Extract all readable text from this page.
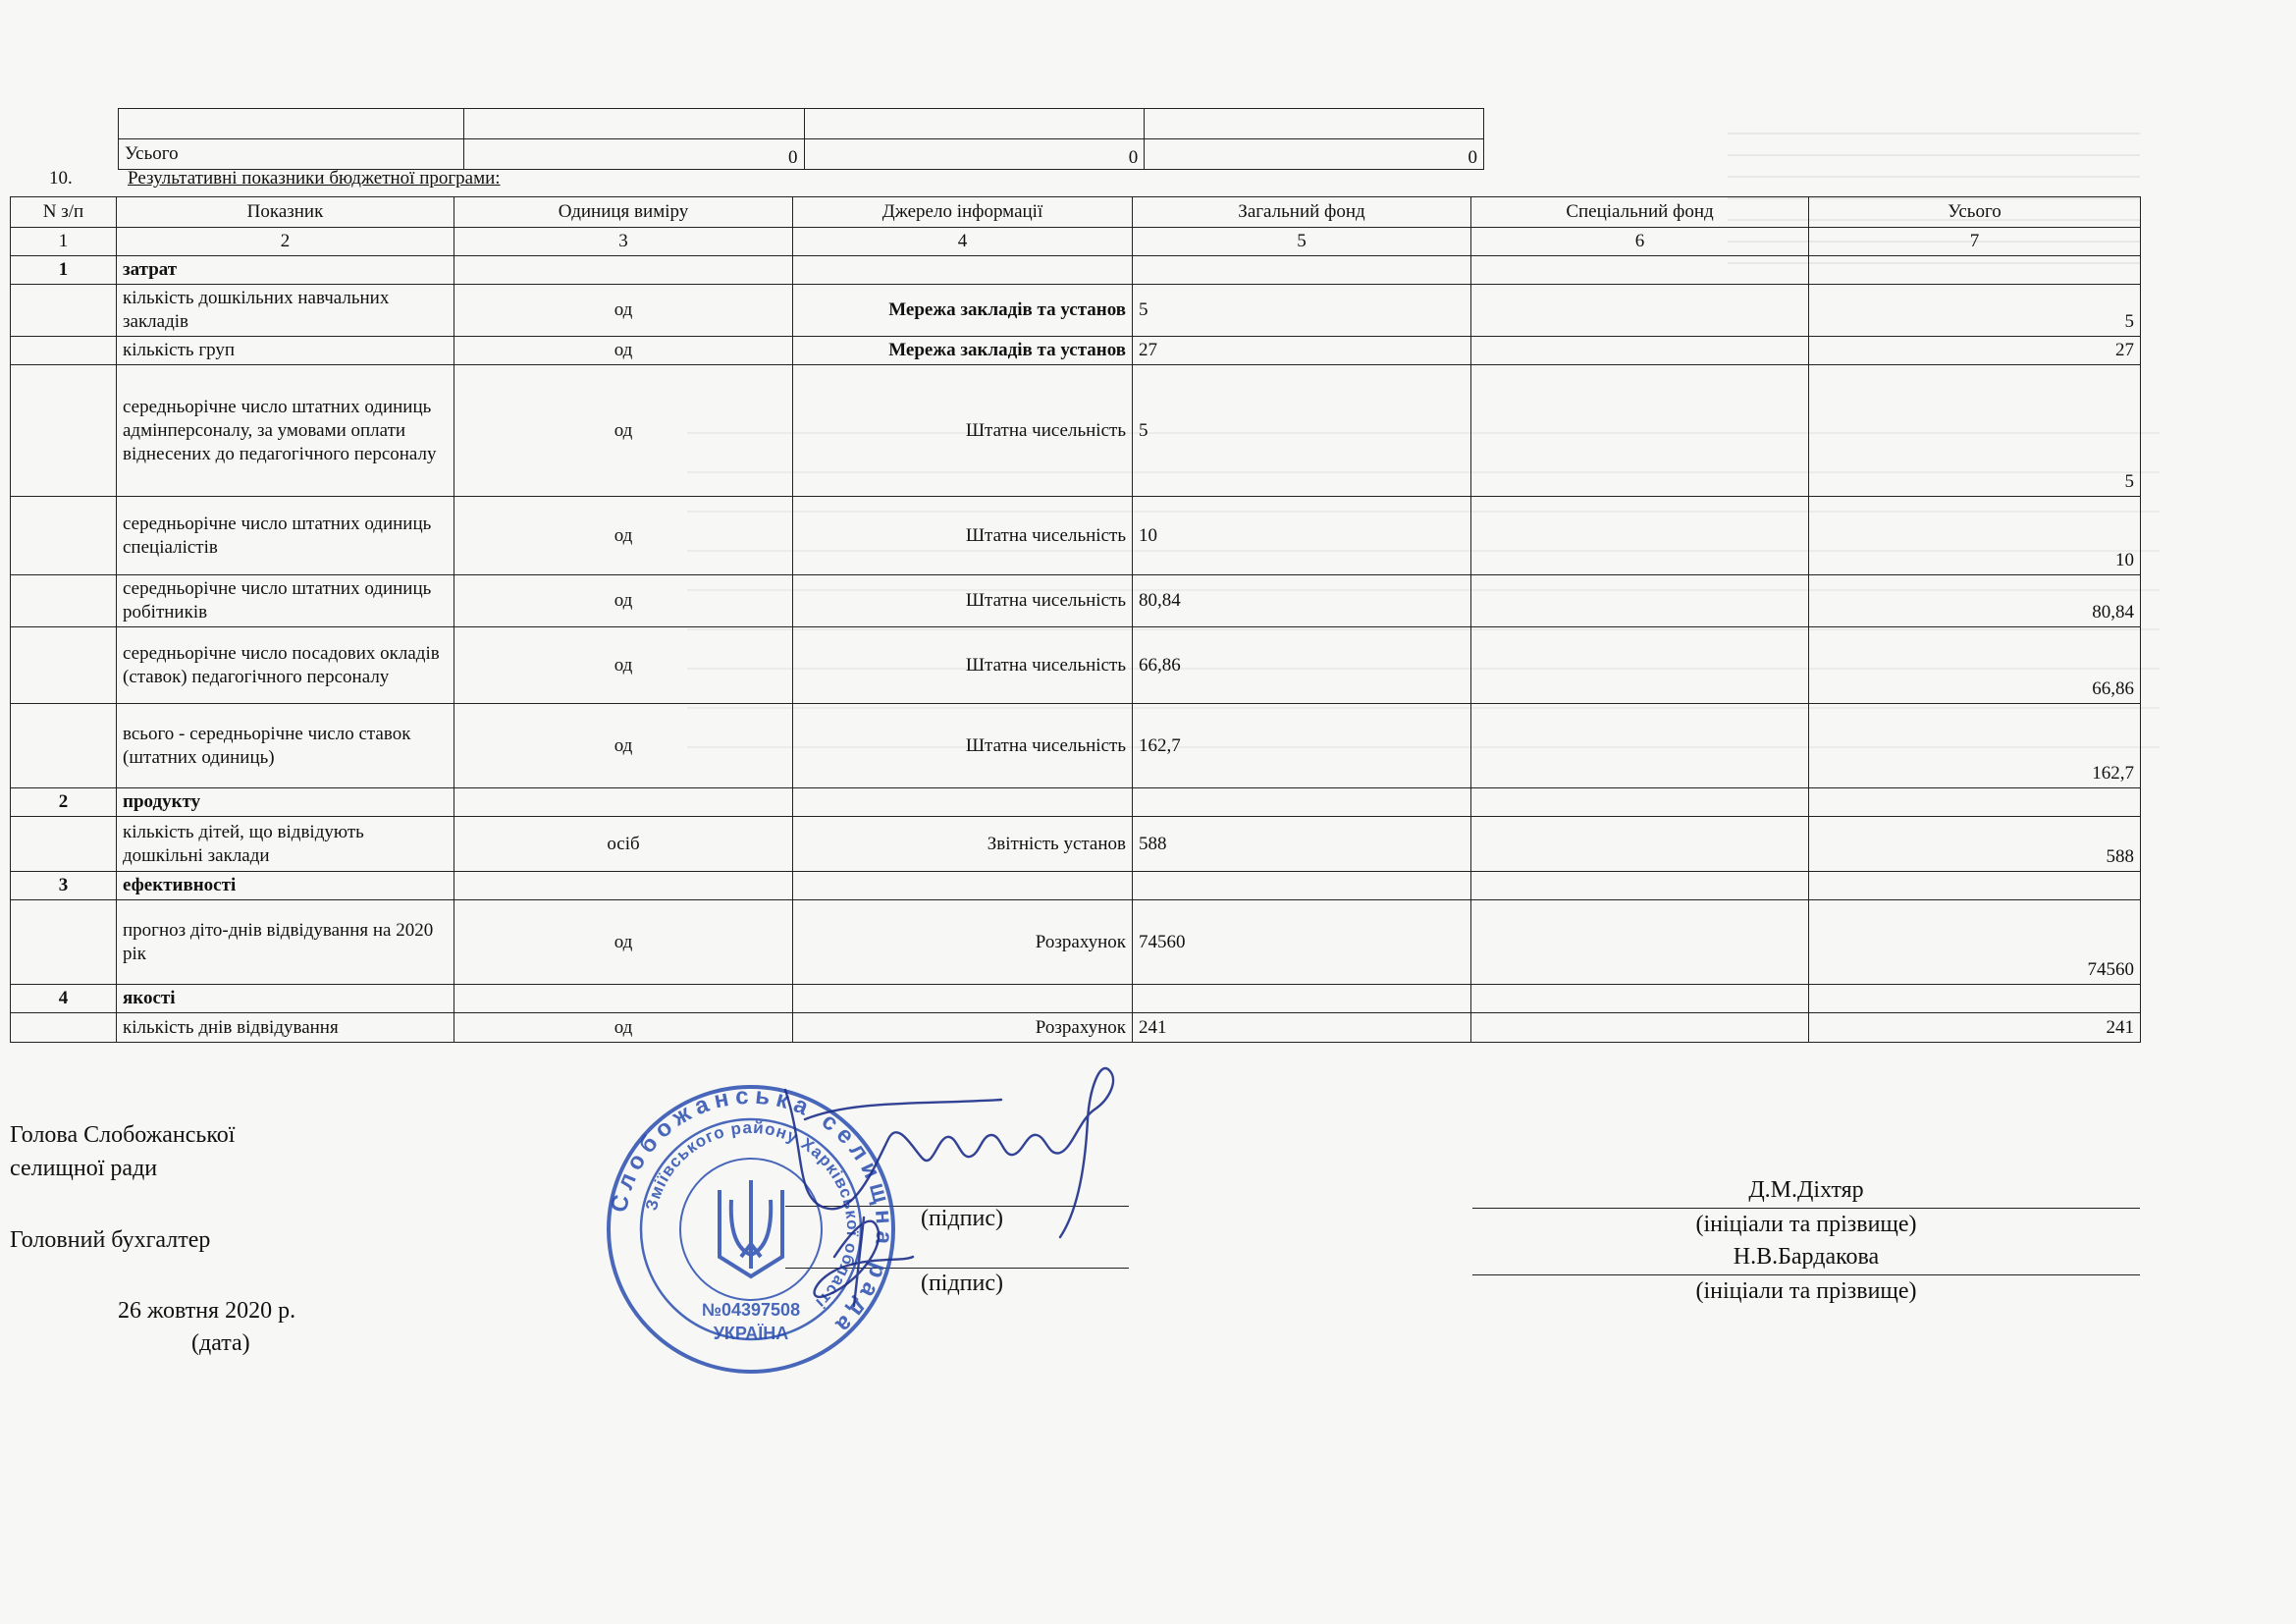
Усього	0	0	0
10.	Результативні показники бюджетної програми:
N з/п	Показник	Одиниця виміру	Джерело інформації	Загальний фонд	Спеціальний фонд	Усього
1	2	3	4	5	6	7
1	затрат					
	кількість дошкільних навчальних закладів	од	Мережа закладів та установ	5		5
	кількість груп	од	Мережа закладів та установ	27		27
	середньорічне число штатних одиниць адмінперсоналу, за умовами оплати віднесених до педагогічного персоналу	од	Штатна чисельність	5		5
	середньорічне число штатних одиниць спеціалістів	од	Штатна чисельність	10		10
	середньорічне число штатних одиниць робітників	од	Штатна чисельність	80,84		80,84
	середньорічне число посадових окладів (ставок) педагогічного персоналу	од	Штатна чисельність	66,86		66,86
	всього - середньорічне число ставок (штатних одиниць)	од	Штатна чисельність	162,7		162,7
2	продукту					
	кількість дітей, що відвідують дошкільні заклади	осіб	Звітність установ	588		588
3	ефективності					
	прогноз діто-днів відвідування на 2020 рік	од	Розрахунок	74560		74560
4	якості					
	кількість днів відвідування	од	Розрахунок	241		241
Голова Слобожанської
селищної ради
Головний бухгалтер
26 жовтня 2020 р.
(дата)
(підпис)
(підпис)
Д.М.Діхтяр
(ініціали та прізвище)
Н.В.Бардакова
(ініціали та прізвище)
Слобожанська селищна рада
Зміївського району Харківської області
№04397508
УКРАЇНА
